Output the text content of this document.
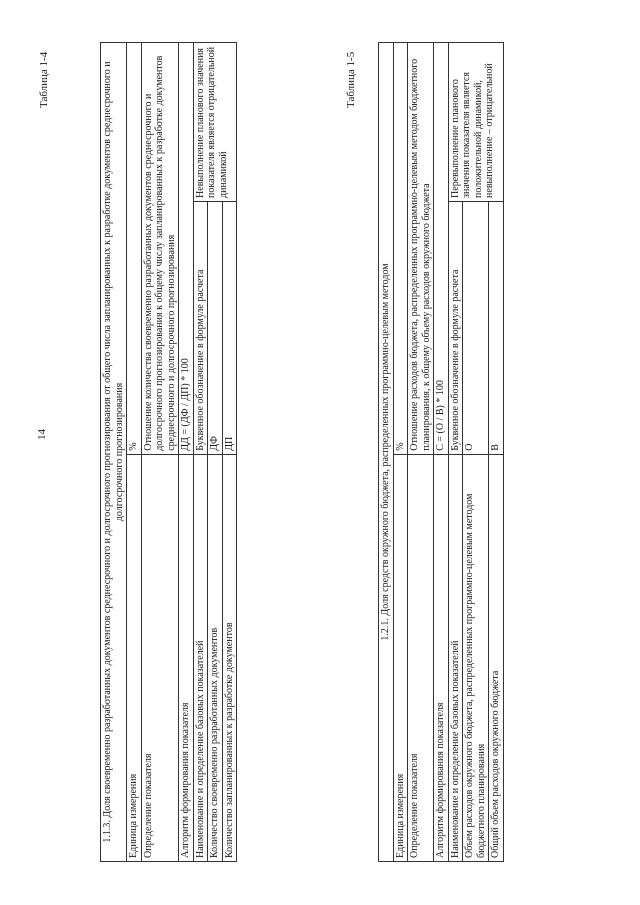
14
Таблица 1-4	1.1.3. Доля своевременно разработанных документов среднесрочного и долгосрочного прогнозирования от общего числа запланированных к разработке документов среднесрочного и долгосрочного прогнозирования		
Единица измерения	%	
Определение показателя	Отношение количества своевременно разработанных документов среднесрочного и долгосрочного прогнозирования к общему числу запланированных к разработке документов среднесрочного и долгосрочного прогнозирования	
Алгоритм формирования показателя	ДД = (ДФ / ДП) * 100	
Наименование и определение базовых показателей	Буквенное обозначение в формуле расчета	Невыполнение планового значения показателя является отрицательной динамикой
Количество своевременно разработанных документов	ДФ	
Количество запланированных к разработке документов	ДП	
Таблица 1-5
1.2.1. Доля средств окружного бюджета, распределенных программно-целевым методом		
Единица измерения	%	
Определение показателя	Отношение расходов бюджета, распределенных программно-целевым методом бюджетного планирования, к общему объему расходов окружного бюджета	
Алгоритм формирования показателя	С = (О / В) * 100	
Наименование и определение базовых показателей	Буквенное обозначение в формуле расчета	Перевыполнение планового значения показателя является положительной динамикой, невыполнение – отрицательной
Объем расходов окружного бюджета, распределенных программно-целевым методом бюджетного планирования	О	
Общий объем расходов окружного бюджета	В	
